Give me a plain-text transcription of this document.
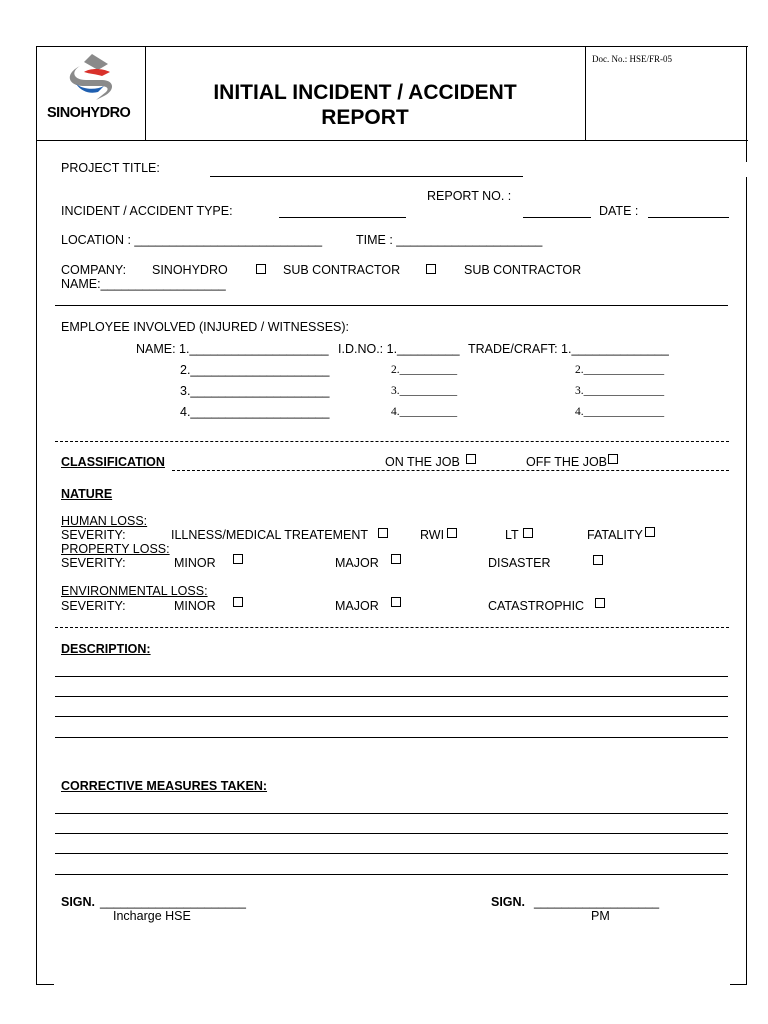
SINOHYDRO
INITIAL INCIDENT / ACCIDENT
REPORT
Doc. No.: HSE/FR-05
PROJECT TITLE:
REPORT NO. :
INCIDENT / ACCIDENT TYPE:	DATE :
LOCATION : ___________________________	TIME : _____________________
COMPANY: SINOHYDRO	SUB CONTRACTOR	SUB CONTRACTOR
NAME:__________________
EMPLOYEE INVOLVED (INJURED / WITNESSES):
NAME: 1.____________________ I.D.NO.: 1._________ TRADE/CRAFT: 1.______________
2.____________________	2.__________	2.______________
3.____________________	3.__________	3.______________
4.____________________	4.__________	4.______________
CLASSIFICATION	ON THE JOB	OFF THE JOB
NATURE
HUMAN LOSS:
SEVERITY:	ILLNESS/MEDICAL TREATEMENT	RWI	LT	FATALITY
PROPERTY LOSS:
SEVERITY:	MINOR	MAJOR	DISASTER
ENVIRONMENTAL LOSS:
SEVERITY:	MINOR	MAJOR	CATASTROPHIC
DESCRIPTION:
CORRECTIVE MEASURES TAKEN:
SIGN. _____________________
Incharge HSE
SIGN. __________________
PM
